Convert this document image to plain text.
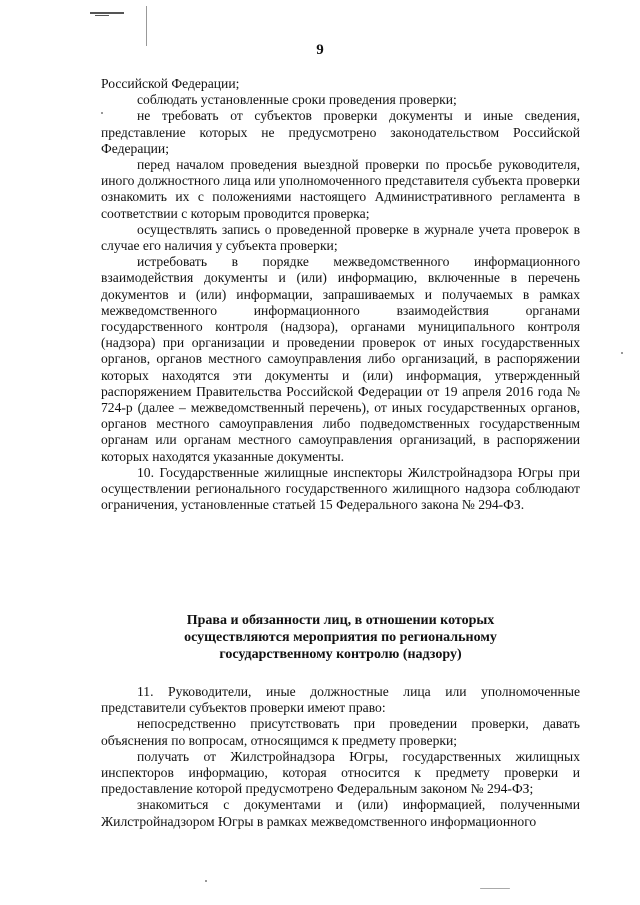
9

Российской Федерации;

соблюдать установленные сроки проведения проверки;

не требовать от субъектов проверки документы и иные сведения, представление которых не предусмотрено законодательством Российской Федерации;

перед началом проведения выездной проверки по просьбе руководителя, иного должностного лица или уполномоченного представителя субъекта проверки ознакомить их с положениями настоящего Административного регламента в соответствии с которым проводится проверка;

осуществлять запись о проведенной проверке в журнале учета проверок в случае его наличия у субъекта проверки;

истребовать в порядке межведомственного информационного взаимодействия документы и (или) информацию, включенные в перечень документов и (или) информации, запрашиваемых и получаемых в рамках межведомственного информационного взаимодействия органами государственного контроля (надзора), органами муниципального контроля (надзора) при организации и проведении проверок от иных государственных органов, органов местного самоуправления либо организаций, в распоряжении которых находятся эти документы и (или) информация, утвержденный распоряжением Правительства Российской Федерации от 19 апреля 2016 года № 724-р (далее – межведомственный перечень), от иных государственных органов, органов местного самоуправления либо подведомственных государственным органам или органам местного самоуправления организаций, в распоряжении которых находятся указанные документы.

10. Государственные жилищные инспекторы Жилстройнадзора Югры при осуществлении регионального государственного жилищного надзора соблюдают ограничения, установленные статьей 15 Федерального закона № 294-ФЗ.

Права и обязанности лиц, в отношении которых
осуществляются мероприятия по региональному
государственному контролю (надзору)

11. Руководители, иные должностные лица или уполномоченные представители субъектов проверки имеют право:

непосредственно присутствовать при проведении проверки, давать объяснения по вопросам, относящимся к предмету проверки;

получать от Жилстройнадзора Югры, государственных жилищных инспекторов информацию, которая относится к предмету проверки и предоставление которой предусмотрено Федеральным законом № 294-ФЗ;

знакомиться с документами и (или) информацией, полученными Жилстройнадзором Югры в рамках межведомственного информационного
